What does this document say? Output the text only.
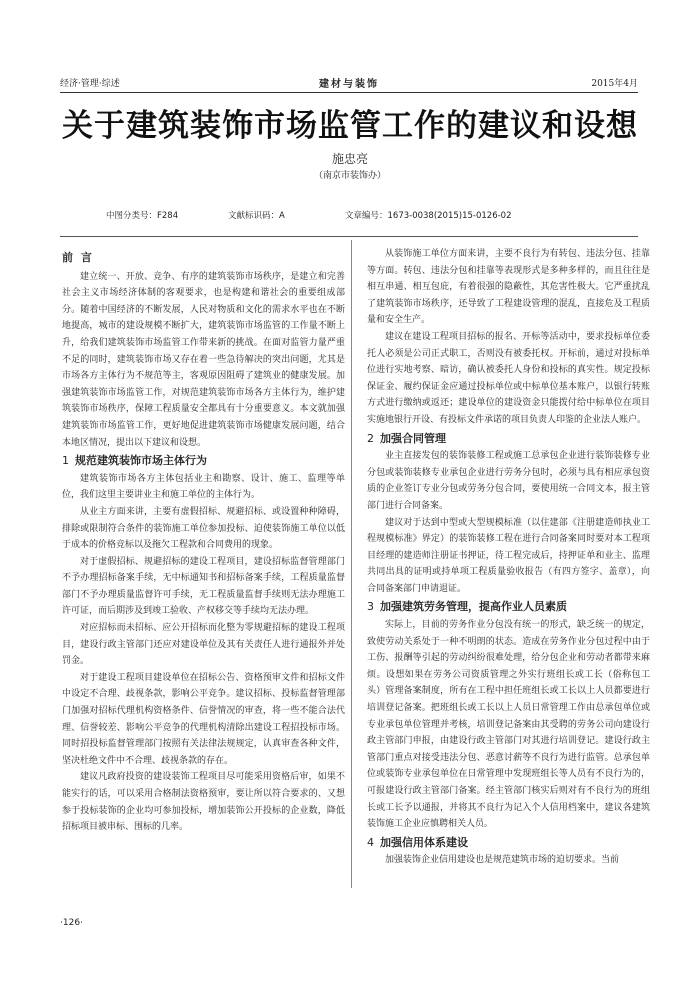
经济·管理·综述	建材与装饰	2015年4月
关于建筑装饰市场监管工作的建议和设想
施忠亮
（南京市装饰办）
中图分类号：F284	文献标识码：A	文章编号：1673-0038(2015)15-0126-02
前 言

建立统一、开放、竞争、有序的建筑装饰市场秩序，是建立和完善社会主义市场经济体制的客观要求，也是构建和谐社会的重要组成部分。随着中国经济的不断发展，人民对物质和文化的需求水平也在不断地提高，城市的建设规模不断扩大，建筑装饰市场监管的工作量不断上升，给我们建筑装饰市场监管工作带来新的挑战。在面对监管力量严重不足的同时，建筑装饰市场又存在着一些急待解决的突出问题，尤其是市场各方主体行为不规范等主，客观原因阻碍了建筑业的健康发展。加强建筑装饰市场监管工作，对规范建筑装饰市场各方主体行为，维护建筑装饰市场秩序，保障工程质量安全都具有十分重要意义。本文就加强建筑装饰市场监管工作，更好地促进建筑装饰市场健康发展问题，结合本地区情况，提出以下建议和设想。

1 规范建筑装饰市场主体行为

建筑装饰市场各方主体包括业主和勘察、设计、施工、监理等单位，我们这里主要讲业主和施工单位的主体行为。

从业主方面来讲，主要有虚假招标、规避招标、或设置种种障碍，排除或限制符合条件的装饰施工单位参加投标、迫使装饰施工单位以低于成本的价格竞标以及拖欠工程款和合同费用的现象。

对于虚假招标、规避招标的建设工程项目，建设招标监督管理部门不予办理招标备案手续，无中标通知书和招标备案手续，工程质量监督部门不予办理质量监督许可手续，无工程质量监督手续则无法办理施工许可证，而后期涉及到竣工验收、产权移交等手续均无法办理。

对应招标而未招标、应公开招标而化整为零规避招标的建设工程项目，建设行政主管部门还应对建设单位及其有关责任人进行通报外并处罚金。

对于建设工程项目建设单位在招标公告、资格预审文件和招标文件中设定不合理、歧视条款，影响公平竞争。建议招标、投标监督管理部门加强对招标代理机构资格条件、信誉情况的审查，将一些不能合法代理、信誉较差、影响公平竞争的代理机构清除出建设工程招投标市场。同时招投标监督管理部门按照有关法律法规规定，认真审查各种文件，坚决杜绝文件中不合理、歧视条款的存在。

建议凡政府投资的建设装饰工程项目尽可能采用资格后审，如果不能实行的话，可以采用合格制法资格预审，要让所以符合要求的、又想参于投标装饰的企业均可参加投标，增加装饰公开投标的企业数，降低招标项目被串标、围标的几率。

从装饰施工单位方面来讲，主要不良行为有转包、违法分包、挂靠等方面。转包、违法分包和挂靠等表现形式是多种多样的，而且往往是相互串通、相互包庇，有着很强的隐蔽性，其危害性极大。它严重扰乱了建筑装饰市场秩序，还导致了工程建设管理的混乱，直接危及工程质量和安全生产。

建议在建设工程项目招标的报名、开标等活动中，要求投标单位委托人必须是公司正式职工，否则没有被委托权。开标前，通过对投标单位进行实地考察、暗访，确认被委托人身份和投标的真实性。规定投标保证金、履约保证金应通过投标单位或中标单位基本账户，以银行转账方式进行缴纳或返还；建设单位的建设资金只能拨付给中标单位在项目实施地银行开设、有投标文件承诺的项目负责人印鉴的企业法人账户。

2 加强合同管理

业主直接发包的装饰装修工程或施工总承包企业进行装饰装修专业分包或装饰装修专业承包企业进行劳务分包时，必须与具有相应承包资质的企业签订专业分包或劳务分包合同，要使用统一合同文本，报主管部门进行合同备案。

建议对于达到中型或大型规模标准（以住建部《注册建造师执业工程规模标准》界定）的装饰装修工程在进行合同备案同时要对本工程项目经理的建造师注册证书押证，待工程完成后，持押证单和业主、监理共同出具的证明或持单项工程质量验收报告（有四方签字、盖章），向合同备案部门申请退证。

3 加强建筑劳务管理，提高作业人员素质

实际上，目前的劳务作业分包没有统一的形式，缺乏统一的规定，致使劳动关系处于一种不明朗的状态。造成在劳务作业分包过程中由于工伤、报酬等引起的劳动纠纷很难处理，给分包企业和劳动者都带来麻烦。设想如果在劳务公司资质管理之外实行班组长或工长（俗称包工头）管理备案制度，所有在工程中担任班组长或工长以上人员都要进行培训登记备案。把班组长或工长以上人员日常管理工作由总承包单位或专业承包单位管理并考核，培训登记备案由其受聘的劳务公司向建设行政主管部门申报，由建设行政主管部门对其进行培训登记。建设行政主管部门重点对接受违法分包、恶意讨薪等不良行为进行监管。总承包单位或装饰专业承包单位在日常管理中发现班组长等人员有不良行为的，可报建设行政主管部门备案。经主管部门核实后则对有不良行为的班组长或工长予以通报，并将其不良行为记入个人信用档案中，建议各建筑装饰施工企业应慎聘相关人员。

4 加强信用体系建设

加强装饰企业信用建设也是规范建筑市场的迫切要求。当前

·126·
